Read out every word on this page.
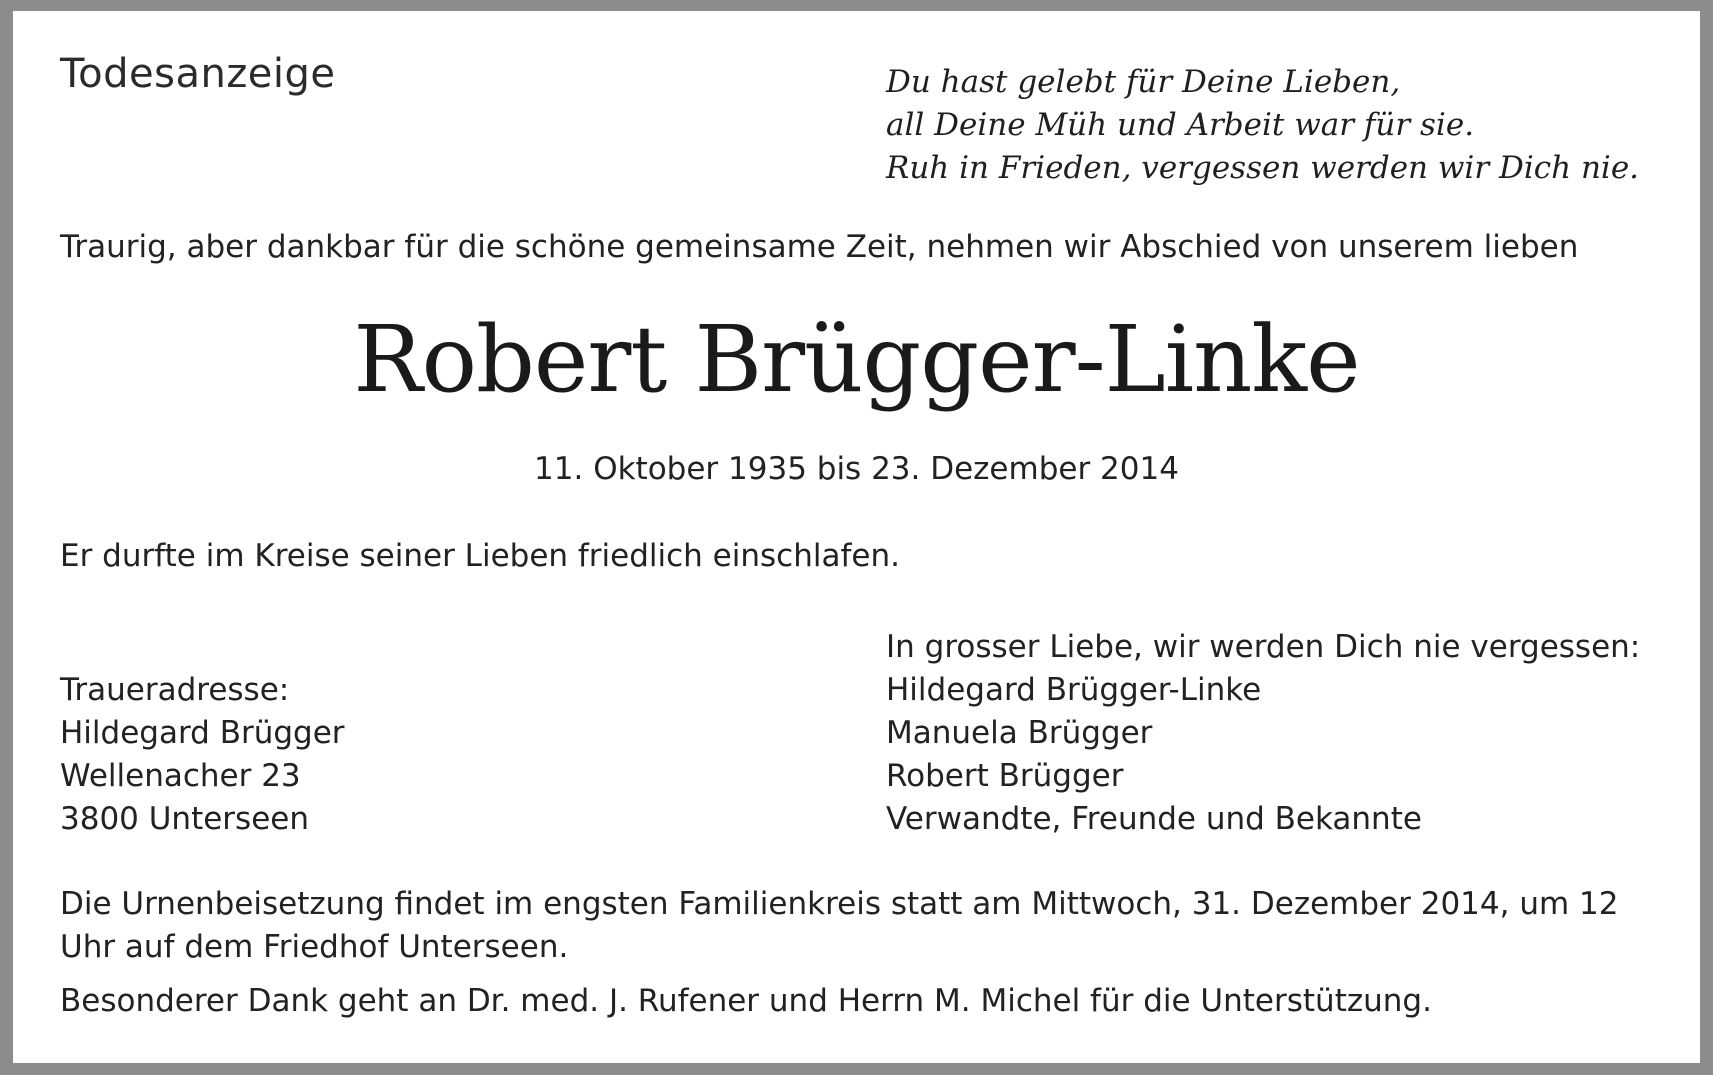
Todesanzeige	Du hast gelebt für Deine Lieben,
all Deine Müh und Arbeit war für sie.
Ruh in Frieden, vergessen werden wir Dich nie.

Traurig, aber dankbar für die schöne gemeinsame Zeit, nehmen wir Abschied von unserem lieben

Robert Brügger-Linke

11. Oktober 1935 bis 23. Dezember 2014

Er durfte im Kreise seiner Lieben friedlich einschlafen.

Traueradresse:
Hildegard Brügger
Wellenacher 23
3800 Unterseen
In grosser Liebe, wir werden Dich nie vergessen:
Hildegard Brügger-Linke
Manuela Brügger
Robert Brügger
Verwandte, Freunde und Bekannte

Die Urnenbeisetzung findet im engsten Familienkreis statt am Mittwoch, 31. Dezember 2014, um 12 Uhr auf dem Friedhof Unterseen.

Besonderer Dank geht an Dr. med. J. Rufener und Herrn M. Michel für die Unterstützung.
